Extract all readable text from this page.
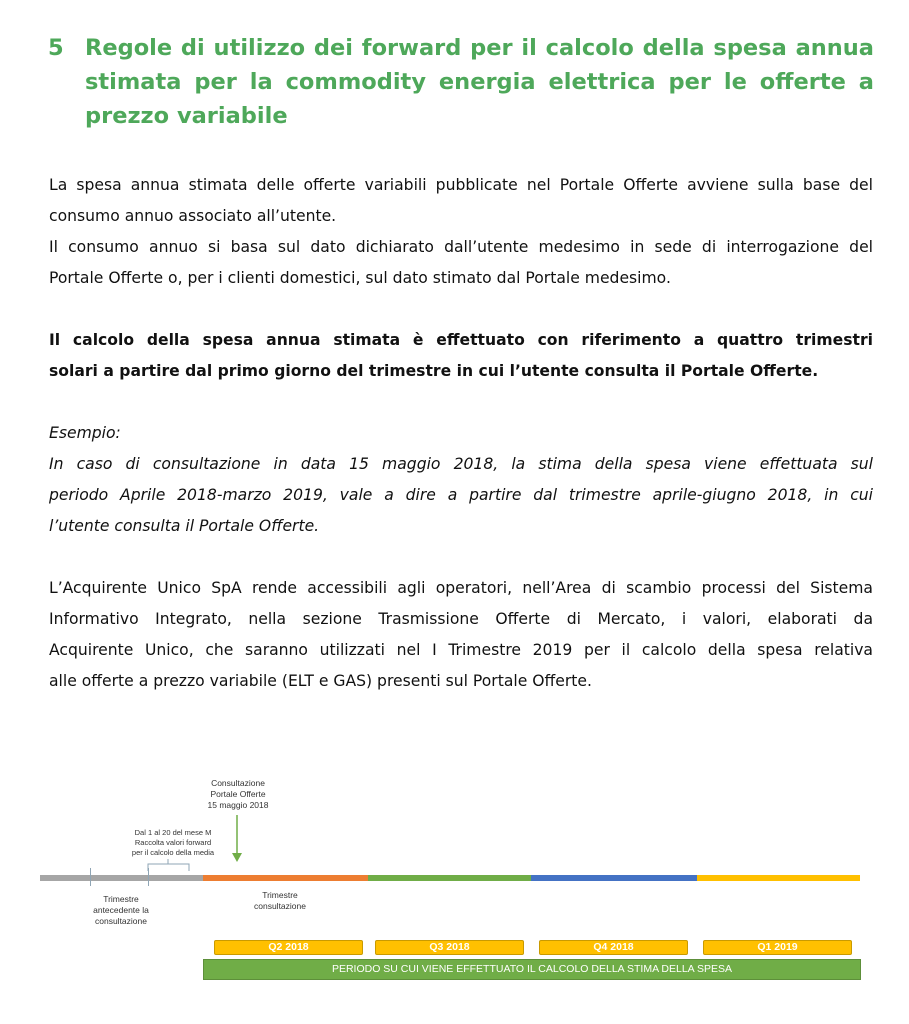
5 Regole di utilizzo dei forward per il calcolo della spesa annua stimata per la commodity energia elettrica per le offerte a prezzo variabile
La spesa annua stimata delle offerte variabili pubblicate nel Portale Offerte avviene sulla base del
consumo annuo associato all’utente.
Il consumo annuo si basa sul dato dichiarato dall’utente medesimo in sede di interrogazione del
Portale Offerte o, per i clienti domestici, sul dato stimato dal Portale medesimo.
Il calcolo della spesa annua stimata è effettuato con riferimento a quattro trimestri
solari a partire dal primo giorno del trimestre in cui l’utente consulta il Portale Offerte.
Esempio:
In caso di consultazione in data 15 maggio 2018, la stima della spesa viene effettuata sul
periodo Aprile 2018-marzo 2019, vale a dire a partire dal trimestre aprile-giugno 2018, in cui
l’utente consulta il Portale Offerte.
L’Acquirente Unico SpA rende accessibili agli operatori, nell’Area di scambio processi del Sistema
Informativo Integrato, nella sezione Trasmissione Offerte di Mercato, i valori, elaborati da
Acquirente Unico, che saranno utilizzati nel I Trimestre 2019 per il calcolo della spesa relativa
alle offerte a prezzo variabile (ELT e GAS) presenti sul Portale Offerte.
Consultazione
Portale Offerte
15 maggio 2018
Dal 1 al 20 del mese M
Raccolta valori forward
per il calcolo della media
Trimestre
antecedente la
consultazione
Trimestre
consultazione
Q2 2018	Q3 2018	Q4 2018	Q1 2019
PERIODO SU CUI VIENE EFFETTUATO IL CALCOLO DELLA STIMA DELLA SPESA
